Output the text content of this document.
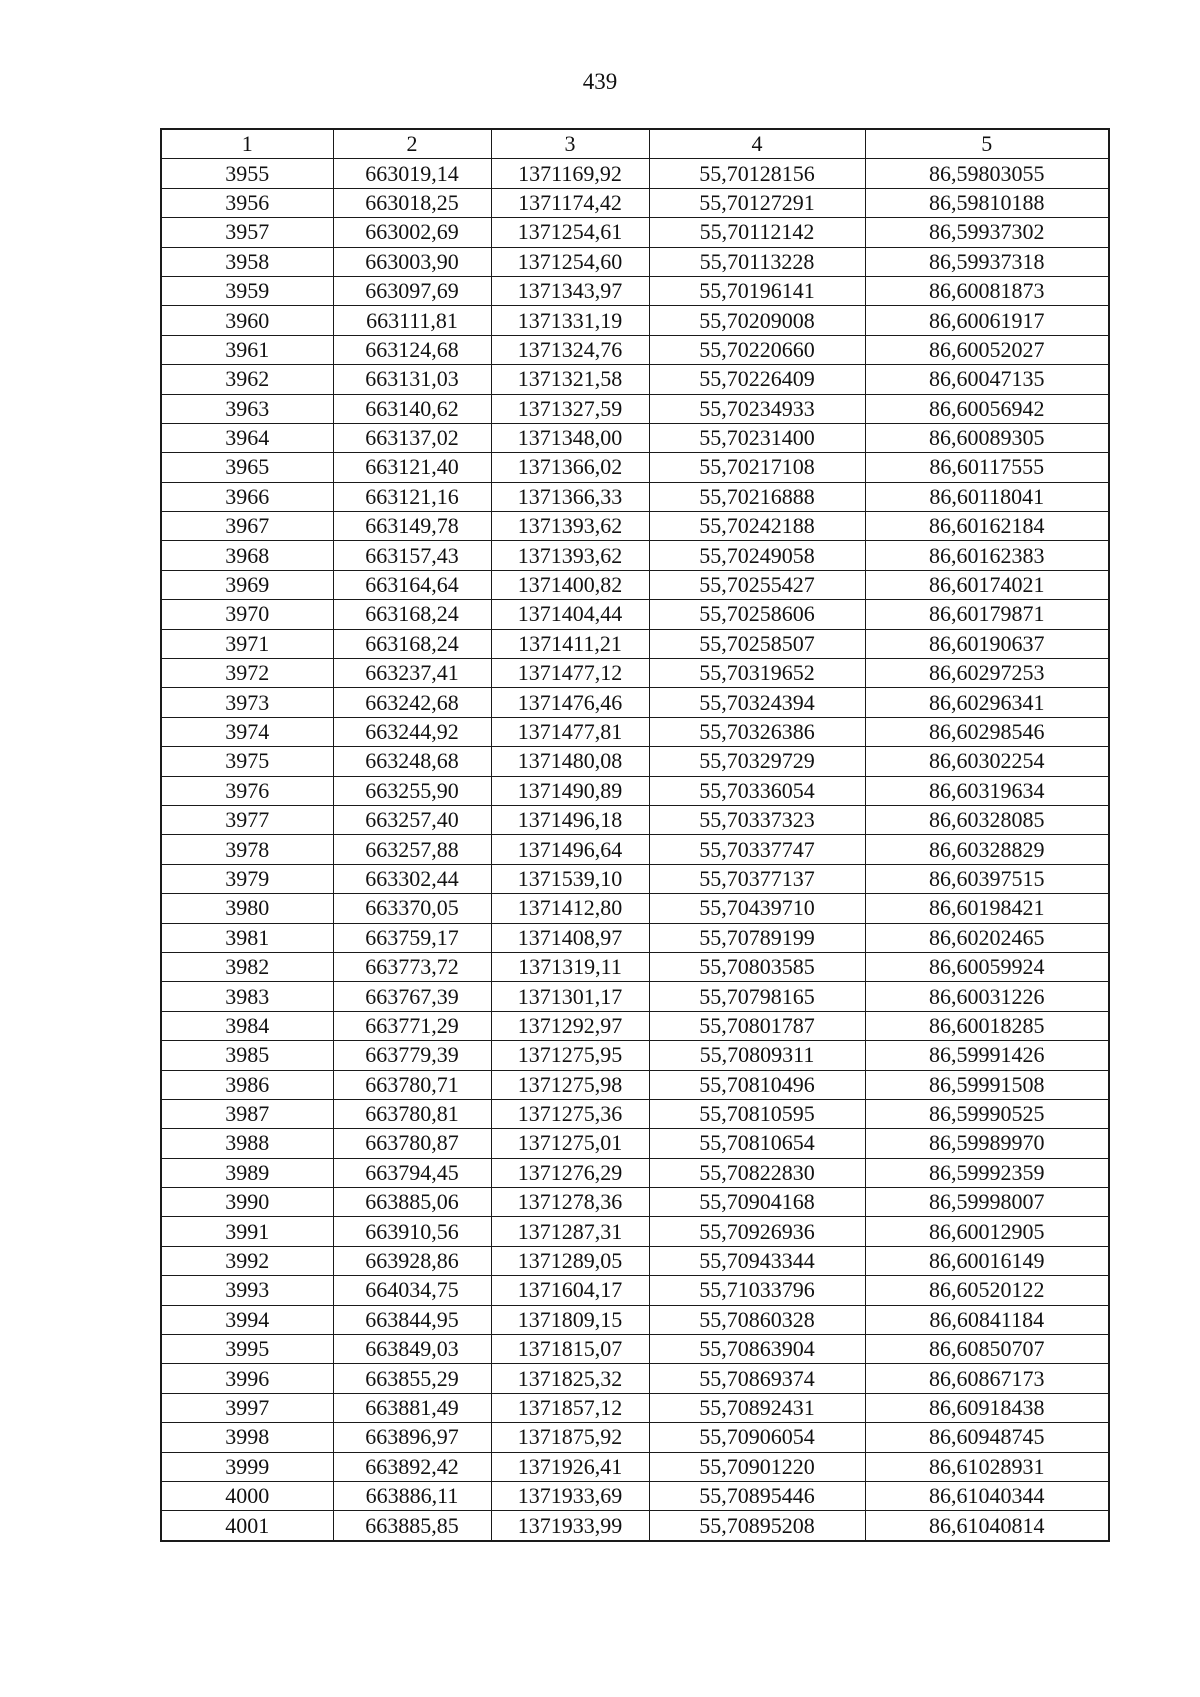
439
1	2	3	4	5
3955	663019,14	1371169,92	55,70128156	86,59803055
3956	663018,25	1371174,42	55,70127291	86,59810188
3957	663002,69	1371254,61	55,70112142	86,59937302
3958	663003,90	1371254,60	55,70113228	86,59937318
3959	663097,69	1371343,97	55,70196141	86,60081873
3960	663111,81	1371331,19	55,70209008	86,60061917
3961	663124,68	1371324,76	55,70220660	86,60052027
3962	663131,03	1371321,58	55,70226409	86,60047135
3963	663140,62	1371327,59	55,70234933	86,60056942
3964	663137,02	1371348,00	55,70231400	86,60089305
3965	663121,40	1371366,02	55,70217108	86,60117555
3966	663121,16	1371366,33	55,70216888	86,60118041
3967	663149,78	1371393,62	55,70242188	86,60162184
3968	663157,43	1371393,62	55,70249058	86,60162383
3969	663164,64	1371400,82	55,70255427	86,60174021
3970	663168,24	1371404,44	55,70258606	86,60179871
3971	663168,24	1371411,21	55,70258507	86,60190637
3972	663237,41	1371477,12	55,70319652	86,60297253
3973	663242,68	1371476,46	55,70324394	86,60296341
3974	663244,92	1371477,81	55,70326386	86,60298546
3975	663248,68	1371480,08	55,70329729	86,60302254
3976	663255,90	1371490,89	55,70336054	86,60319634
3977	663257,40	1371496,18	55,70337323	86,60328085
3978	663257,88	1371496,64	55,70337747	86,60328829
3979	663302,44	1371539,10	55,70377137	86,60397515
3980	663370,05	1371412,80	55,70439710	86,60198421
3981	663759,17	1371408,97	55,70789199	86,60202465
3982	663773,72	1371319,11	55,70803585	86,60059924
3983	663767,39	1371301,17	55,70798165	86,60031226
3984	663771,29	1371292,97	55,70801787	86,60018285
3985	663779,39	1371275,95	55,70809311	86,59991426
3986	663780,71	1371275,98	55,70810496	86,59991508
3987	663780,81	1371275,36	55,70810595	86,59990525
3988	663780,87	1371275,01	55,70810654	86,59989970
3989	663794,45	1371276,29	55,70822830	86,59992359
3990	663885,06	1371278,36	55,70904168	86,59998007
3991	663910,56	1371287,31	55,70926936	86,60012905
3992	663928,86	1371289,05	55,70943344	86,60016149
3993	664034,75	1371604,17	55,71033796	86,60520122
3994	663844,95	1371809,15	55,70860328	86,60841184
3995	663849,03	1371815,07	55,70863904	86,60850707
3996	663855,29	1371825,32	55,70869374	86,60867173
3997	663881,49	1371857,12	55,70892431	86,60918438
3998	663896,97	1371875,92	55,70906054	86,60948745
3999	663892,42	1371926,41	55,70901220	86,61028931
4000	663886,11	1371933,69	55,70895446	86,61040344
4001	663885,85	1371933,99	55,70895208	86,61040814
